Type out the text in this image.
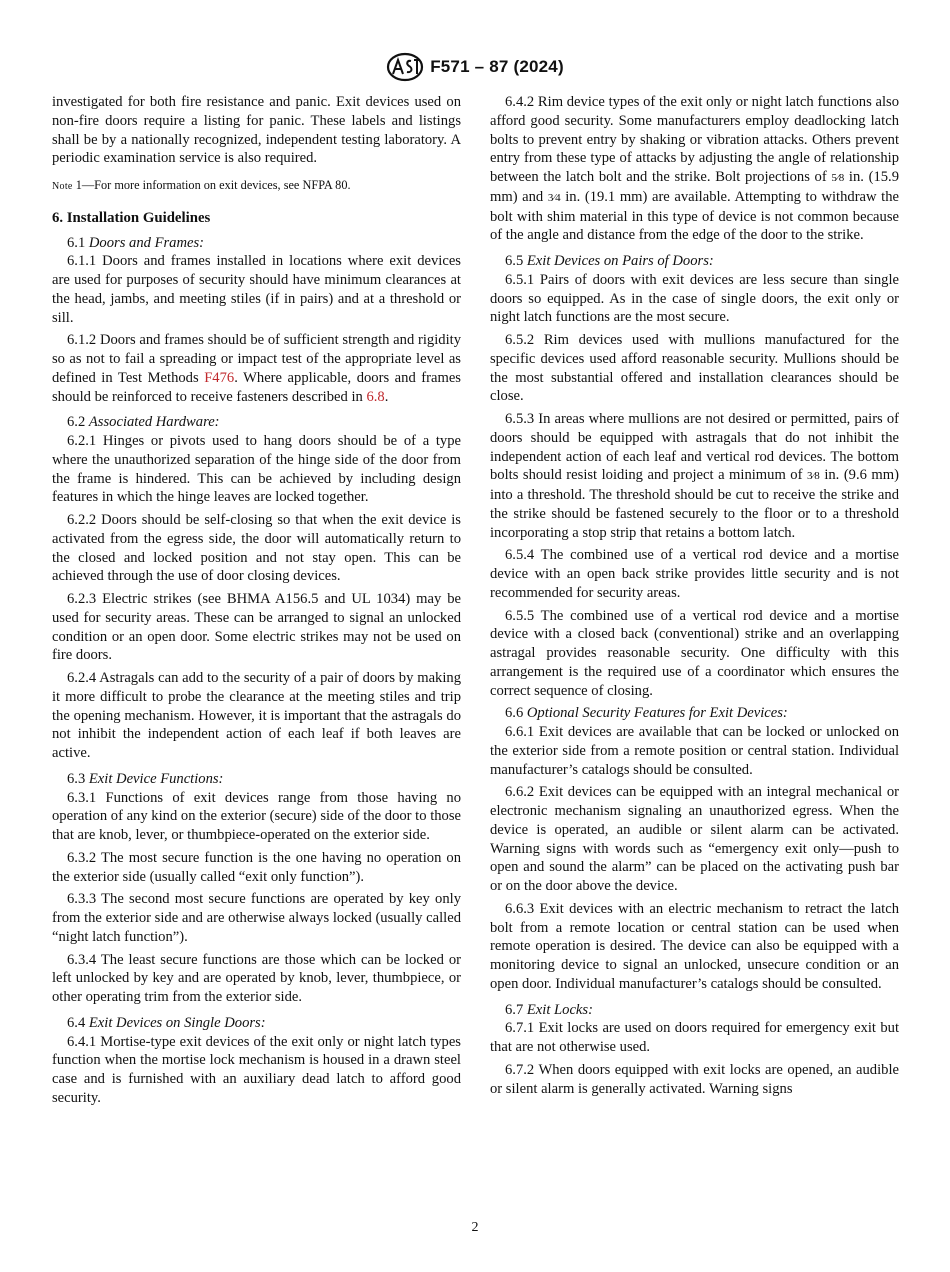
F571 – 87 (2024)

investigated for both fire resistance and panic. Exit devices used on non-fire doors require a listing for panic. These labels and listings shall be by a nationally recognized, independent testing laboratory. A periodic examination service is also required.

Note 1—For more information on exit devices, see NFPA 80.

6. Installation Guidelines

6.1 Doors and Frames:

6.1.1 Doors and frames installed in locations where exit devices are used for purposes of security should have minimum clearances at the head, jambs, and meeting stiles (if in pairs) and at a threshold or sill.

6.1.2 Doors and frames should be of sufficient strength and rigidity so as not to fail a spreading or impact test of the appropriate level as defined in Test Methods F476. Where applicable, doors and frames should be reinforced to receive fasteners described in 6.8.

6.2 Associated Hardware:

6.2.1 Hinges or pivots used to hang doors should be of a type where the unauthorized separation of the hinge side of the door from the frame is hindered. This can be achieved by including design features in which the hinge leaves are locked together.

6.2.2 Doors should be self-closing so that when the exit device is activated from the egress side, the door will automatically return to the closed and locked position and not stay open. This can be achieved through the use of door closing devices.

6.2.3 Electric strikes (see BHMA A156.5 and UL 1034) may be used for security areas. These can be arranged to signal an unlocked condition or an open door. Some electric strikes may not be used on fire doors.

6.2.4 Astragals can add to the security of a pair of doors by making it more difficult to probe the clearance at the meeting stiles and trip the opening mechanism. However, it is important that the astragals do not inhibit the independent action of each leaf if both leaves are active.

6.3 Exit Device Functions:

6.3.1 Functions of exit devices range from those having no operation of any kind on the exterior (secure) side of the door to those that are knob, lever, or thumbpiece-operated on the exterior side.

6.3.2 The most secure function is the one having no operation on the exterior side (usually called “exit only function”).

6.3.3 The second most secure functions are operated by key only from the exterior side and are otherwise always locked (usually called “night latch function”).

6.3.4 The least secure functions are those which can be locked or left unlocked by key and are operated by knob, lever, thumbpiece, or other operating trim from the exterior side.

6.4 Exit Devices on Single Doors:

6.4.1 Mortise-type exit devices of the exit only or night latch types function when the mortise lock mechanism is housed in a drawn steel case and is furnished with an auxiliary dead latch to afford good security.

6.4.2 Rim device types of the exit only or night latch functions also afford good security. Some manufacturers employ deadlocking latch bolts to prevent entry by shaking or vibration attacks. Others prevent entry from these type of attacks by adjusting the angle of relationship between the latch bolt and the strike. Bolt projections of 5⁄8 in. (15.9 mm) and 3⁄4 in. (19.1 mm) are available. Attempting to withdraw the bolt with shim material in this type of device is not common because of the angle and distance from the edge of the door to the strike.

6.5 Exit Devices on Pairs of Doors:

6.5.1 Pairs of doors with exit devices are less secure than single doors so equipped. As in the case of single doors, the exit only or night latch functions are the most secure.

6.5.2 Rim devices used with mullions manufactured for the specific devices used afford reasonable security. Mullions should be the most substantial offered and installation clearances should be close.

6.5.3 In areas where mullions are not desired or permitted, pairs of doors should be equipped with astragals that do not inhibit the independent action of each leaf and vertical rod devices. The bottom bolts should resist loiding and project a minimum of 3⁄8 in. (9.6 mm) into a threshold. The threshold should be cut to receive the strike and the strike should be fastened securely to the floor or to a threshold incorporating a stop strip that retains a bottom latch.

6.5.4 The combined use of a vertical rod device and a mortise device with an open back strike provides little security and is not recommended for security areas.

6.5.5 The combined use of a vertical rod device and a mortise device with a closed back (conventional) strike and an overlapping astragal provides reasonable security. One difficulty with this arrangement is the required use of a coordinator which ensures the correct sequence of closing.

6.6 Optional Security Features for Exit Devices:

6.6.1 Exit devices are available that can be locked or unlocked on the exterior side from a remote position or central station. Individual manufacturer’s catalogs should be consulted.

6.6.2 Exit devices can be equipped with an integral mechanical or electronic mechanism signaling an unauthorized egress. When the device is operated, an audible or silent alarm can be activated. Warning signs with words such as “emergency exit only—push to open and sound the alarm” can be placed on the activating push bar or on the door above the device.

6.6.3 Exit devices with an electric mechanism to retract the latch bolt from a remote location or central station can be used when remote operation is desired. The device can also be equipped with a monitoring device to signal an unlocked, unsecure condition or an open door. Individual manufacturer’s catalogs should be consulted.

6.7 Exit Locks:

6.7.1 Exit locks are used on doors required for emergency exit but that are not otherwise used.

6.7.2 When doors equipped with exit locks are opened, an audible or silent alarm is generally activated. Warning signs

2
